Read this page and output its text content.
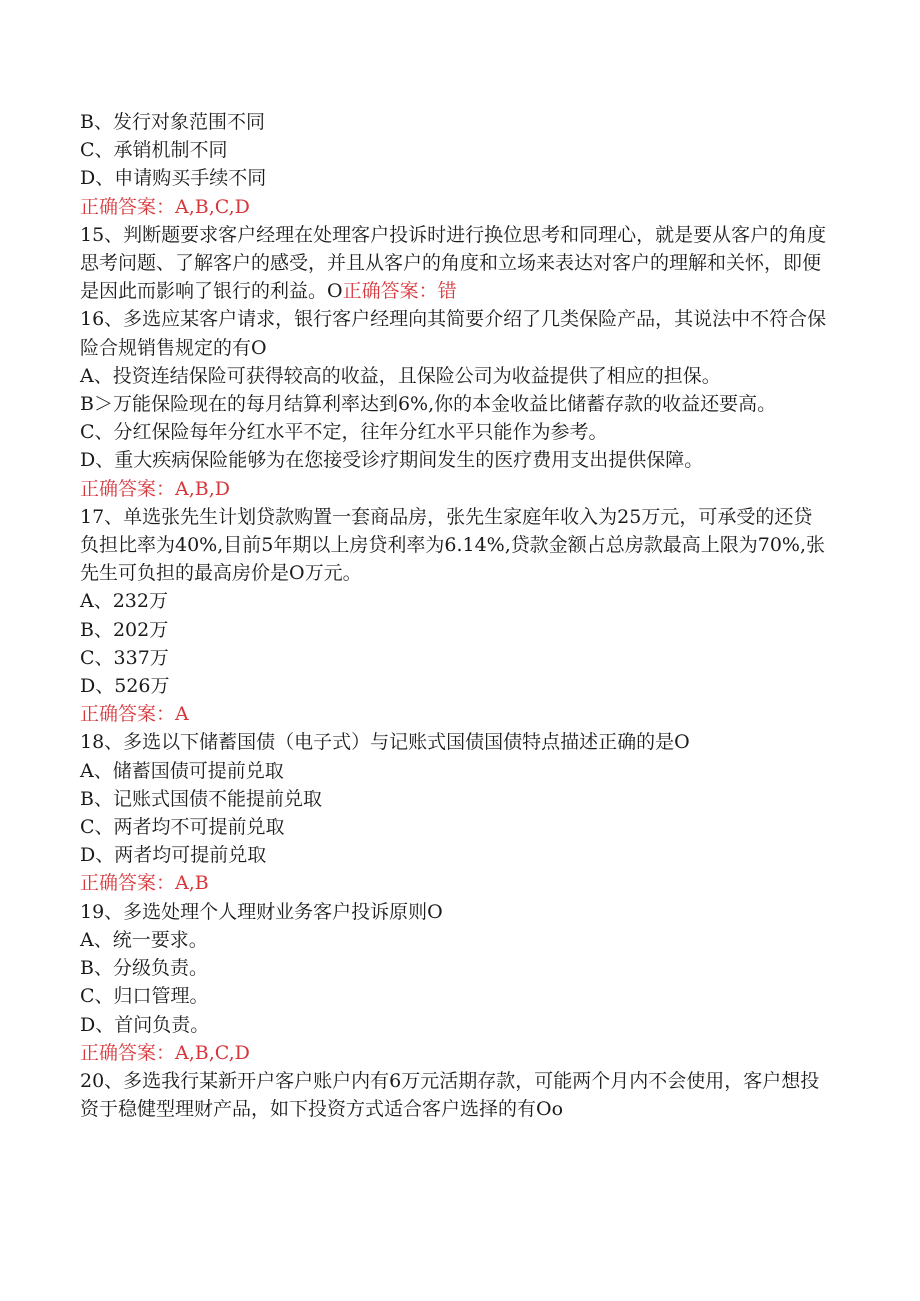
B、发行对象范围不同
C、承销机制不同
D、申请购买手续不同
正确答案：A,B,C,D
15、判断题要求客户经理在处理客户投诉时进行换位思考和同理心，就是要从客户的角度思考问题、了解客户的感受，并且从客户的角度和立场来表达对客户的理解和关怀，即便是因此而影响了银行的利益。O正确答案：错
16、多选应某客户请求，银行客户经理向其简要介绍了几类保险产品，其说法中不符合保险合规销售规定的有O
A、投资连结保险可获得较高的收益，且保险公司为收益提供了相应的担保。
B＞万能保险现在的每月结算利率达到6%,你的本金收益比储蓄存款的收益还要高。
C、分红保险每年分红水平不定，往年分红水平只能作为参考。
D、重大疾病保险能够为在您接受诊疗期间发生的医疗费用支出提供保障。
正确答案：A,B,D
17、单选张先生计划贷款购置一套商品房，张先生家庭年收入为25万元，可承受的还贷负担比率为40%,目前5年期以上房贷利率为6.14%,贷款金额占总房款最高上限为70%,张先生可负担的最高房价是O万元。
A、232万
B、202万
C、337万
D、526万
正确答案：A
18、多选以下储蓄国债（电子式）与记账式国债国债特点描述正确的是O
A、储蓄国债可提前兑取
B、记账式国债不能提前兑取
C、两者均不可提前兑取
D、两者均可提前兑取
正确答案：A,B
19、多选处理个人理财业务客户投诉原则O
A、统一要求。
B、分级负责。
C、归口管理。
D、首问负责。
正确答案：A,B,C,D
20、多选我行某新开户客户账户内有6万元活期存款，可能两个月内不会使用，客户想投资于稳健型理财产品，如下投资方式适合客户选择的有Oo
